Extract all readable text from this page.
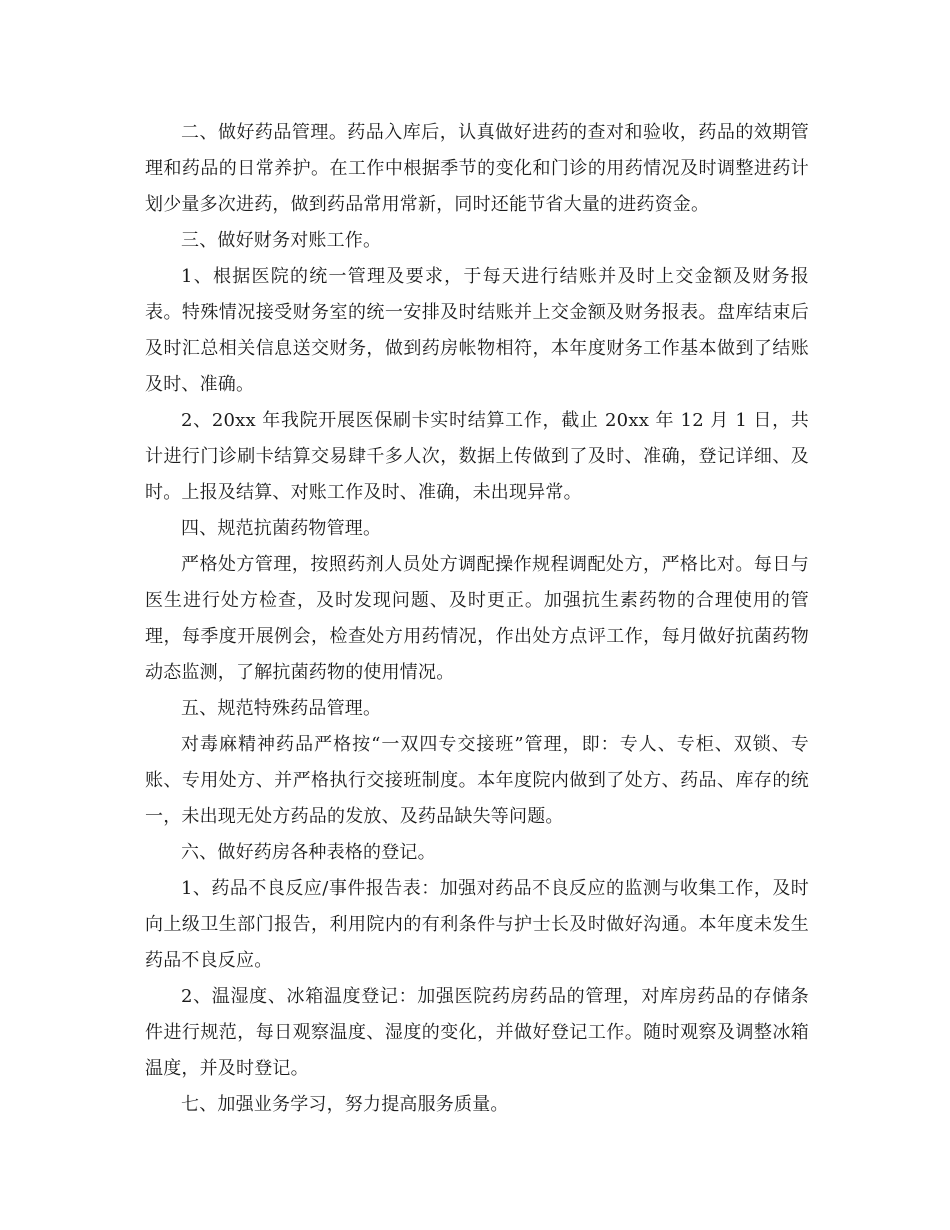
二、做好药品管理。药品入库后，认真做好进药的查对和验收，药品的效期管理和药品的日常养护。在工作中根据季节的变化和门诊的用药情况及时调整进药计划少量多次进药，做到药品常用常新，同时还能节省大量的进药资金。

三、做好财务对账工作。

1、根据医院的统一管理及要求，于每天进行结账并及时上交金额及财务报表。特殊情况接受财务室的统一安排及时结账并上交金额及财务报表。盘库结束后及时汇总相关信息送交财务，做到药房帐物相符，本年度财务工作基本做到了结账及时、准确。

2、20xx 年我院开展医保刷卡实时结算工作，截止 20xx 年 12 月 1 日，共计进行门诊刷卡结算交易肆千多人次，数据上传做到了及时、准确，登记详细、及时。上报及结算、对账工作及时、准确，未出现异常。

四、规范抗菌药物管理。

严格处方管理，按照药剂人员处方调配操作规程调配处方，严格比对。每日与医生进行处方检查，及时发现问题、及时更正。加强抗生素药物的合理使用的管理，每季度开展例会，检查处方用药情况，作出处方点评工作，每月做好抗菌药物动态监测，了解抗菌药物的使用情况。

五、规范特殊药品管理。

对毒麻精神药品严格按“一双四专交接班”管理，即：专人、专柜、双锁、专账、专用处方、并严格执行交接班制度。本年度院内做到了处方、药品、库存的统一，未出现无处方药品的发放、及药品缺失等问题。

六、做好药房各种表格的登记。

1、药品不良反应/事件报告表：加强对药品不良反应的监测与收集工作，及时向上级卫生部门报告，利用院内的有利条件与护士长及时做好沟通。本年度未发生药品不良反应。

2、温湿度、冰箱温度登记：加强医院药房药品的管理，对库房药品的存储条件进行规范，每日观察温度、湿度的变化，并做好登记工作。随时观察及调整冰箱温度，并及时登记。

七、加强业务学习，努力提高服务质量。
